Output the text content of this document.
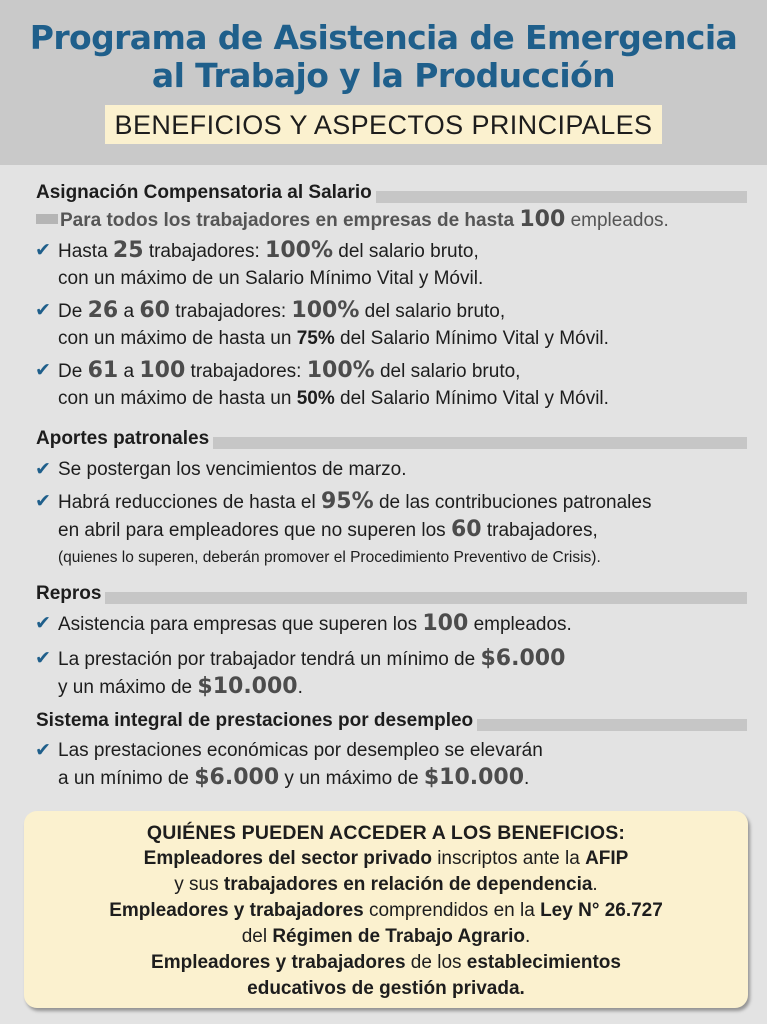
Programa de Asistencia de Emergencia
al Trabajo y la Producción
BENEFICIOS Y ASPECTOS PRINCIPALES
Asignación Compensatoria al Salario
Para todos los trabajadores en empresas de hasta 100 empleados.
✔ Hasta 25 trabajadores: 100% del salario bruto,
con un máximo de un Salario Mínimo Vital y Móvil.
✔ De 26 a 60 trabajadores: 100% del salario bruto,
con un máximo de hasta un 75% del Salario Mínimo Vital y Móvil.
✔ De 61 a 100 trabajadores: 100% del salario bruto,
con un máximo de hasta un 50% del Salario Mínimo Vital y Móvil.
Aportes patronales
✔ Se postergan los vencimientos de marzo.
✔ Habrá reducciones de hasta el 95% de las contribuciones patronales
en abril para empleadores que no superen los 60 trabajadores,
(quienes lo superen, deberán promover el Procedimiento Preventivo de Crisis).
Repros
✔ Asistencia para empresas que superen los 100 empleados.
✔ La prestación por trabajador tendrá un mínimo de $6.000
y un máximo de $10.000.
Sistema integral de prestaciones por desempleo
✔ Las prestaciones económicas por desempleo se elevarán
a un mínimo de $6.000 y un máximo de $10.000.
QUIÉNES PUEDEN ACCEDER A LOS BENEFICIOS:
Empleadores del sector privado inscriptos ante la AFIP
y sus trabajadores en relación de dependencia.
Empleadores y trabajadores comprendidos en la Ley N° 26.727
del Régimen de Trabajo Agrario.
Empleadores y trabajadores de los establecimientos
educativos de gestión privada.
